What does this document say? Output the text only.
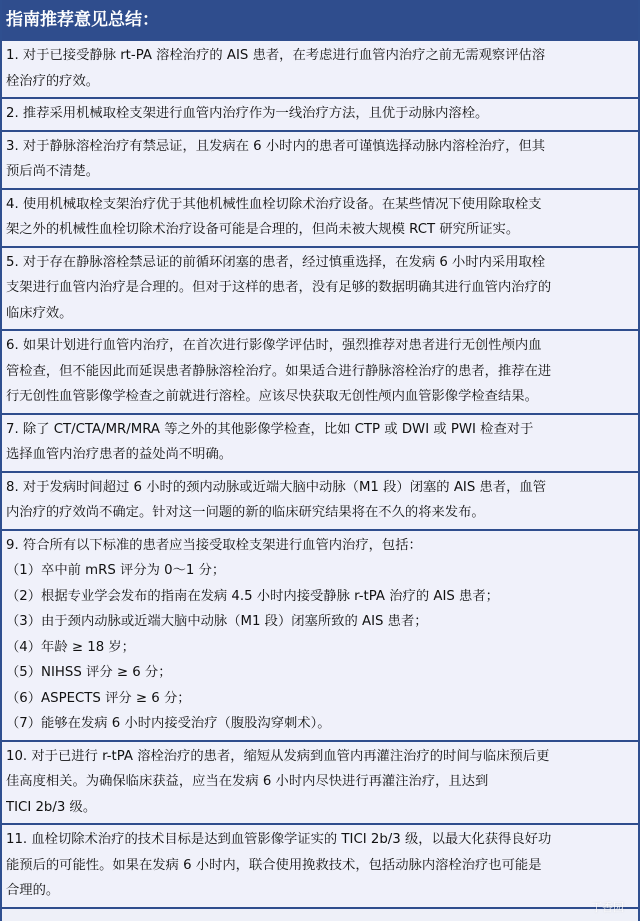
指南推荐意见总结：
1. 对于已接受静脉 rt-PA 溶栓治疗的 AIS 患者，在考虑进行血管内治疗之前无需观察评估溶
栓治疗的疗效。
2. 推荐采用机械取栓支架进行血管内治疗作为一线治疗方法，且优于动脉内溶栓。
3. 对于静脉溶栓治疗有禁忌证，且发病在 6 小时内的患者可谨慎选择动脉内溶栓治疗，但其
预后尚不清楚。
4. 使用机械取栓支架治疗优于其他机械性血栓切除术治疗设备。在某些情况下使用除取栓支
架之外的机械性血栓切除术治疗设备可能是合理的，但尚未被大规模 RCT 研究所证实。
5. 对于存在静脉溶栓禁忌证的前循环闭塞的患者，经过慎重选择，在发病 6 小时内采用取栓
支架进行血管内治疗是合理的。但对于这样的患者，没有足够的数据明确其进行血管内治疗的
临床疗效。
6. 如果计划进行血管内治疗，在首次进行影像学评估时，强烈推荐对患者进行无创性颅内血
管检查，但不能因此而延误患者静脉溶栓治疗。如果适合进行静脉溶栓治疗的患者，推荐在进
行无创性血管影像学检查之前就进行溶栓。应该尽快获取无创性颅内血管影像学检查结果。
7. 除了 CT/CTA/MR/MRA 等之外的其他影像学检查，比如 CTP 或 DWI 或 PWI 检查对于
选择血管内治疗患者的益处尚不明确。
8. 对于发病时间超过 6 小时的颈内动脉或近端大脑中动脉（M1 段）闭塞的 AIS 患者，血管
内治疗的疗效尚不确定。针对这一问题的新的临床研究结果将在不久的将来发布。
9. 符合所有以下标准的患者应当接受取栓支架进行血管内治疗，包括：
（1）卒中前 mRS 评分为 0～1 分；
（2）根据专业学会发布的指南在发病 4.5 小时内接受静脉 r-tPA 治疗的 AIS 患者；
（3）由于颈内动脉或近端大脑中动脉（M1 段）闭塞所致的 AIS 患者；
（4）年龄 ≥ 18 岁；
（5）NIHSS 评分 ≥ 6 分；
（6）ASPECTS 评分 ≥ 6 分；
（7）能够在发病 6 小时内接受治疗（腹股沟穿刺术）。
10. 对于已进行 r-tPA 溶栓治疗的患者，缩短从发病到血管内再灌注治疗的时间与临床预后更
佳高度相关。为确保临床获益，应当在发病 6 小时内尽快进行再灌注治疗，且达到
TICI 2b/3 级。
11. 血栓切除术治疗的技术目标是达到血管影像学证实的 TICI 2b/3 级，以最大化获得良好功
能预后的可能性。如果在发病 6 小时内，联合使用挽救技术，包括动脉内溶栓治疗也可能是
合理的。
丁香园
